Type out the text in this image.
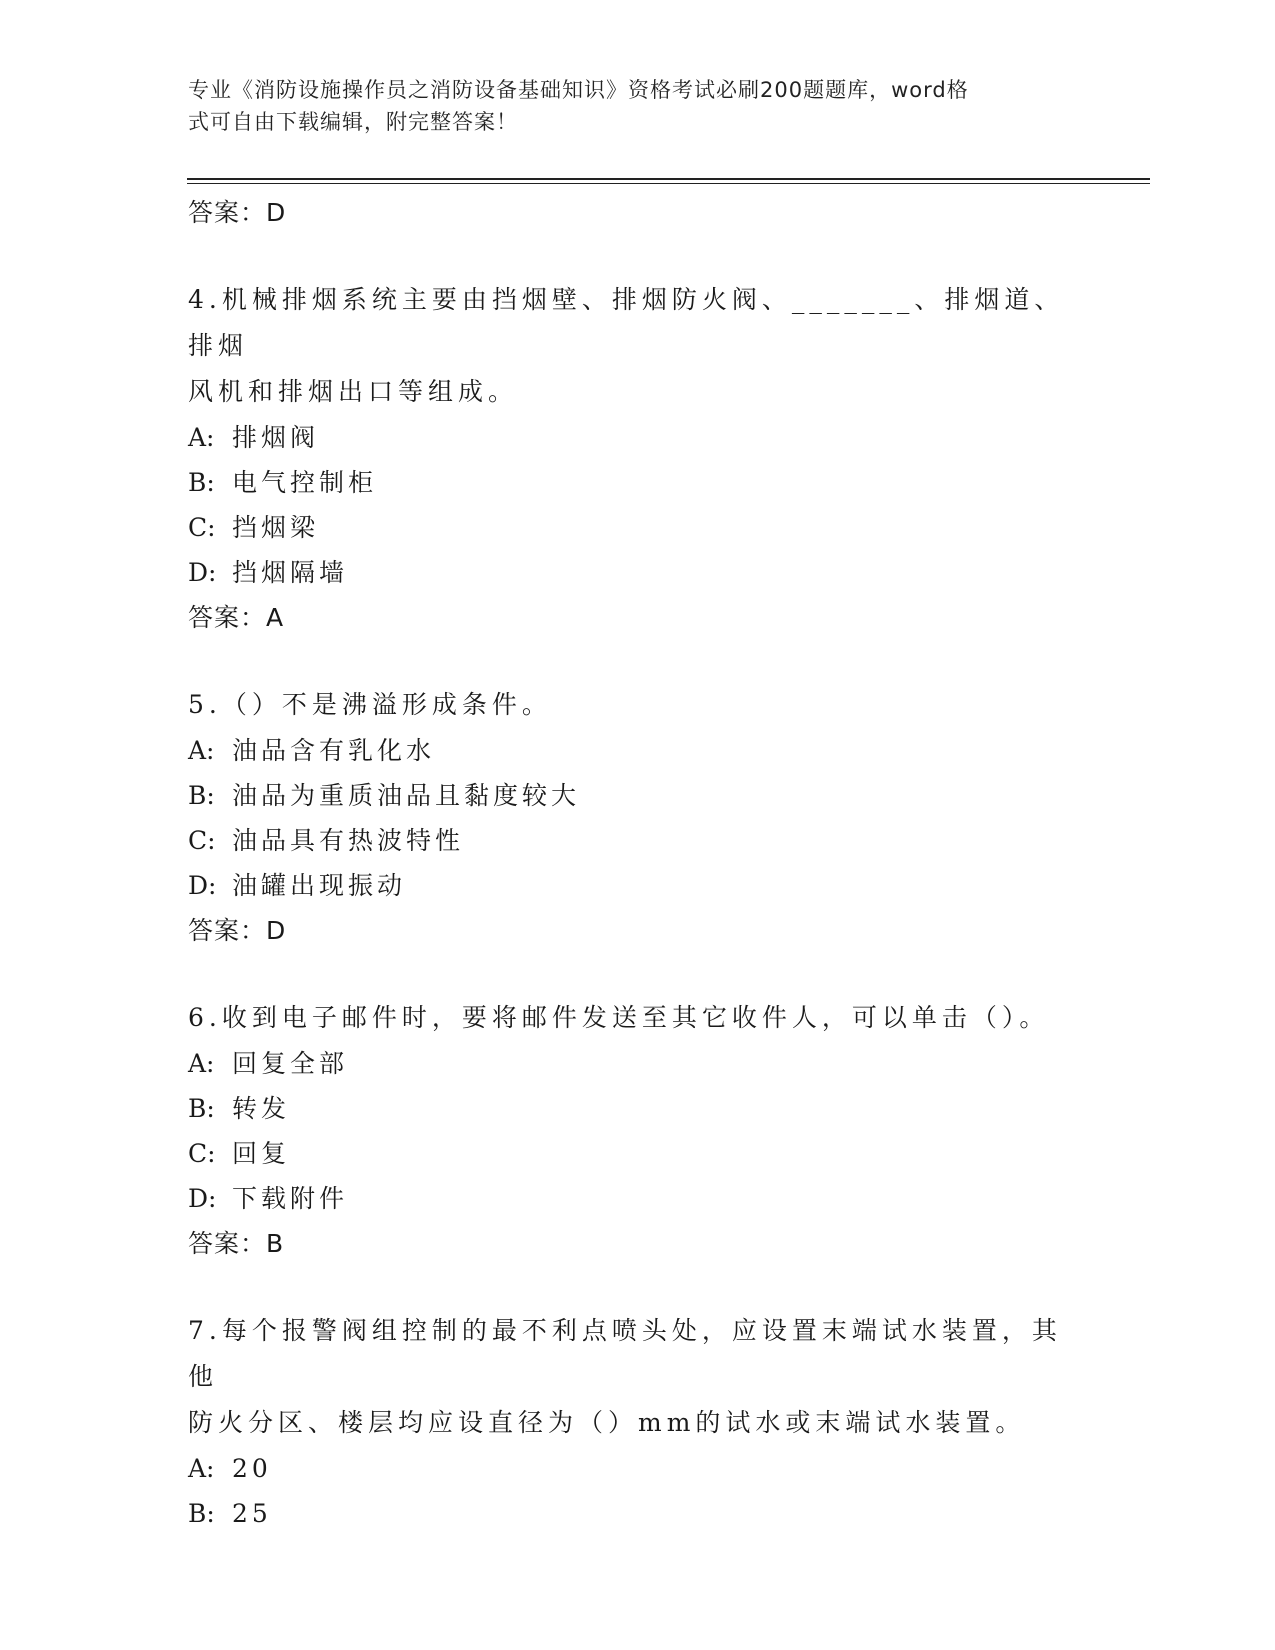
专业《消防设施操作员之消防设备基础知识》资格考试必刷200题题库，word格
式可自由下载编辑，附完整答案！
答案：D
4.机械排烟系统主要由挡烟壁、排烟防火阀、_______、排烟道、排烟
风机和排烟出口等组成。
A: 排烟阀
B: 电气控制柜
C: 挡烟梁
D: 挡烟隔墙
答案：A
5.（）不是沸溢形成条件。
A: 油品含有乳化水
B: 油品为重质油品且黏度较大
C: 油品具有热波特性
D: 油罐出现振动
答案：D
6.收到电子邮件时，要将邮件发送至其它收件人，可以单击（）。
A: 回复全部
B: 转发
C: 回复
D: 下载附件
答案：B
7.每个报警阀组控制的最不利点喷头处，应设置末端试水装置，其他
防火分区、楼层均应设直径为（）mm的试水或末端试水装置。
A: 20
B: 25
